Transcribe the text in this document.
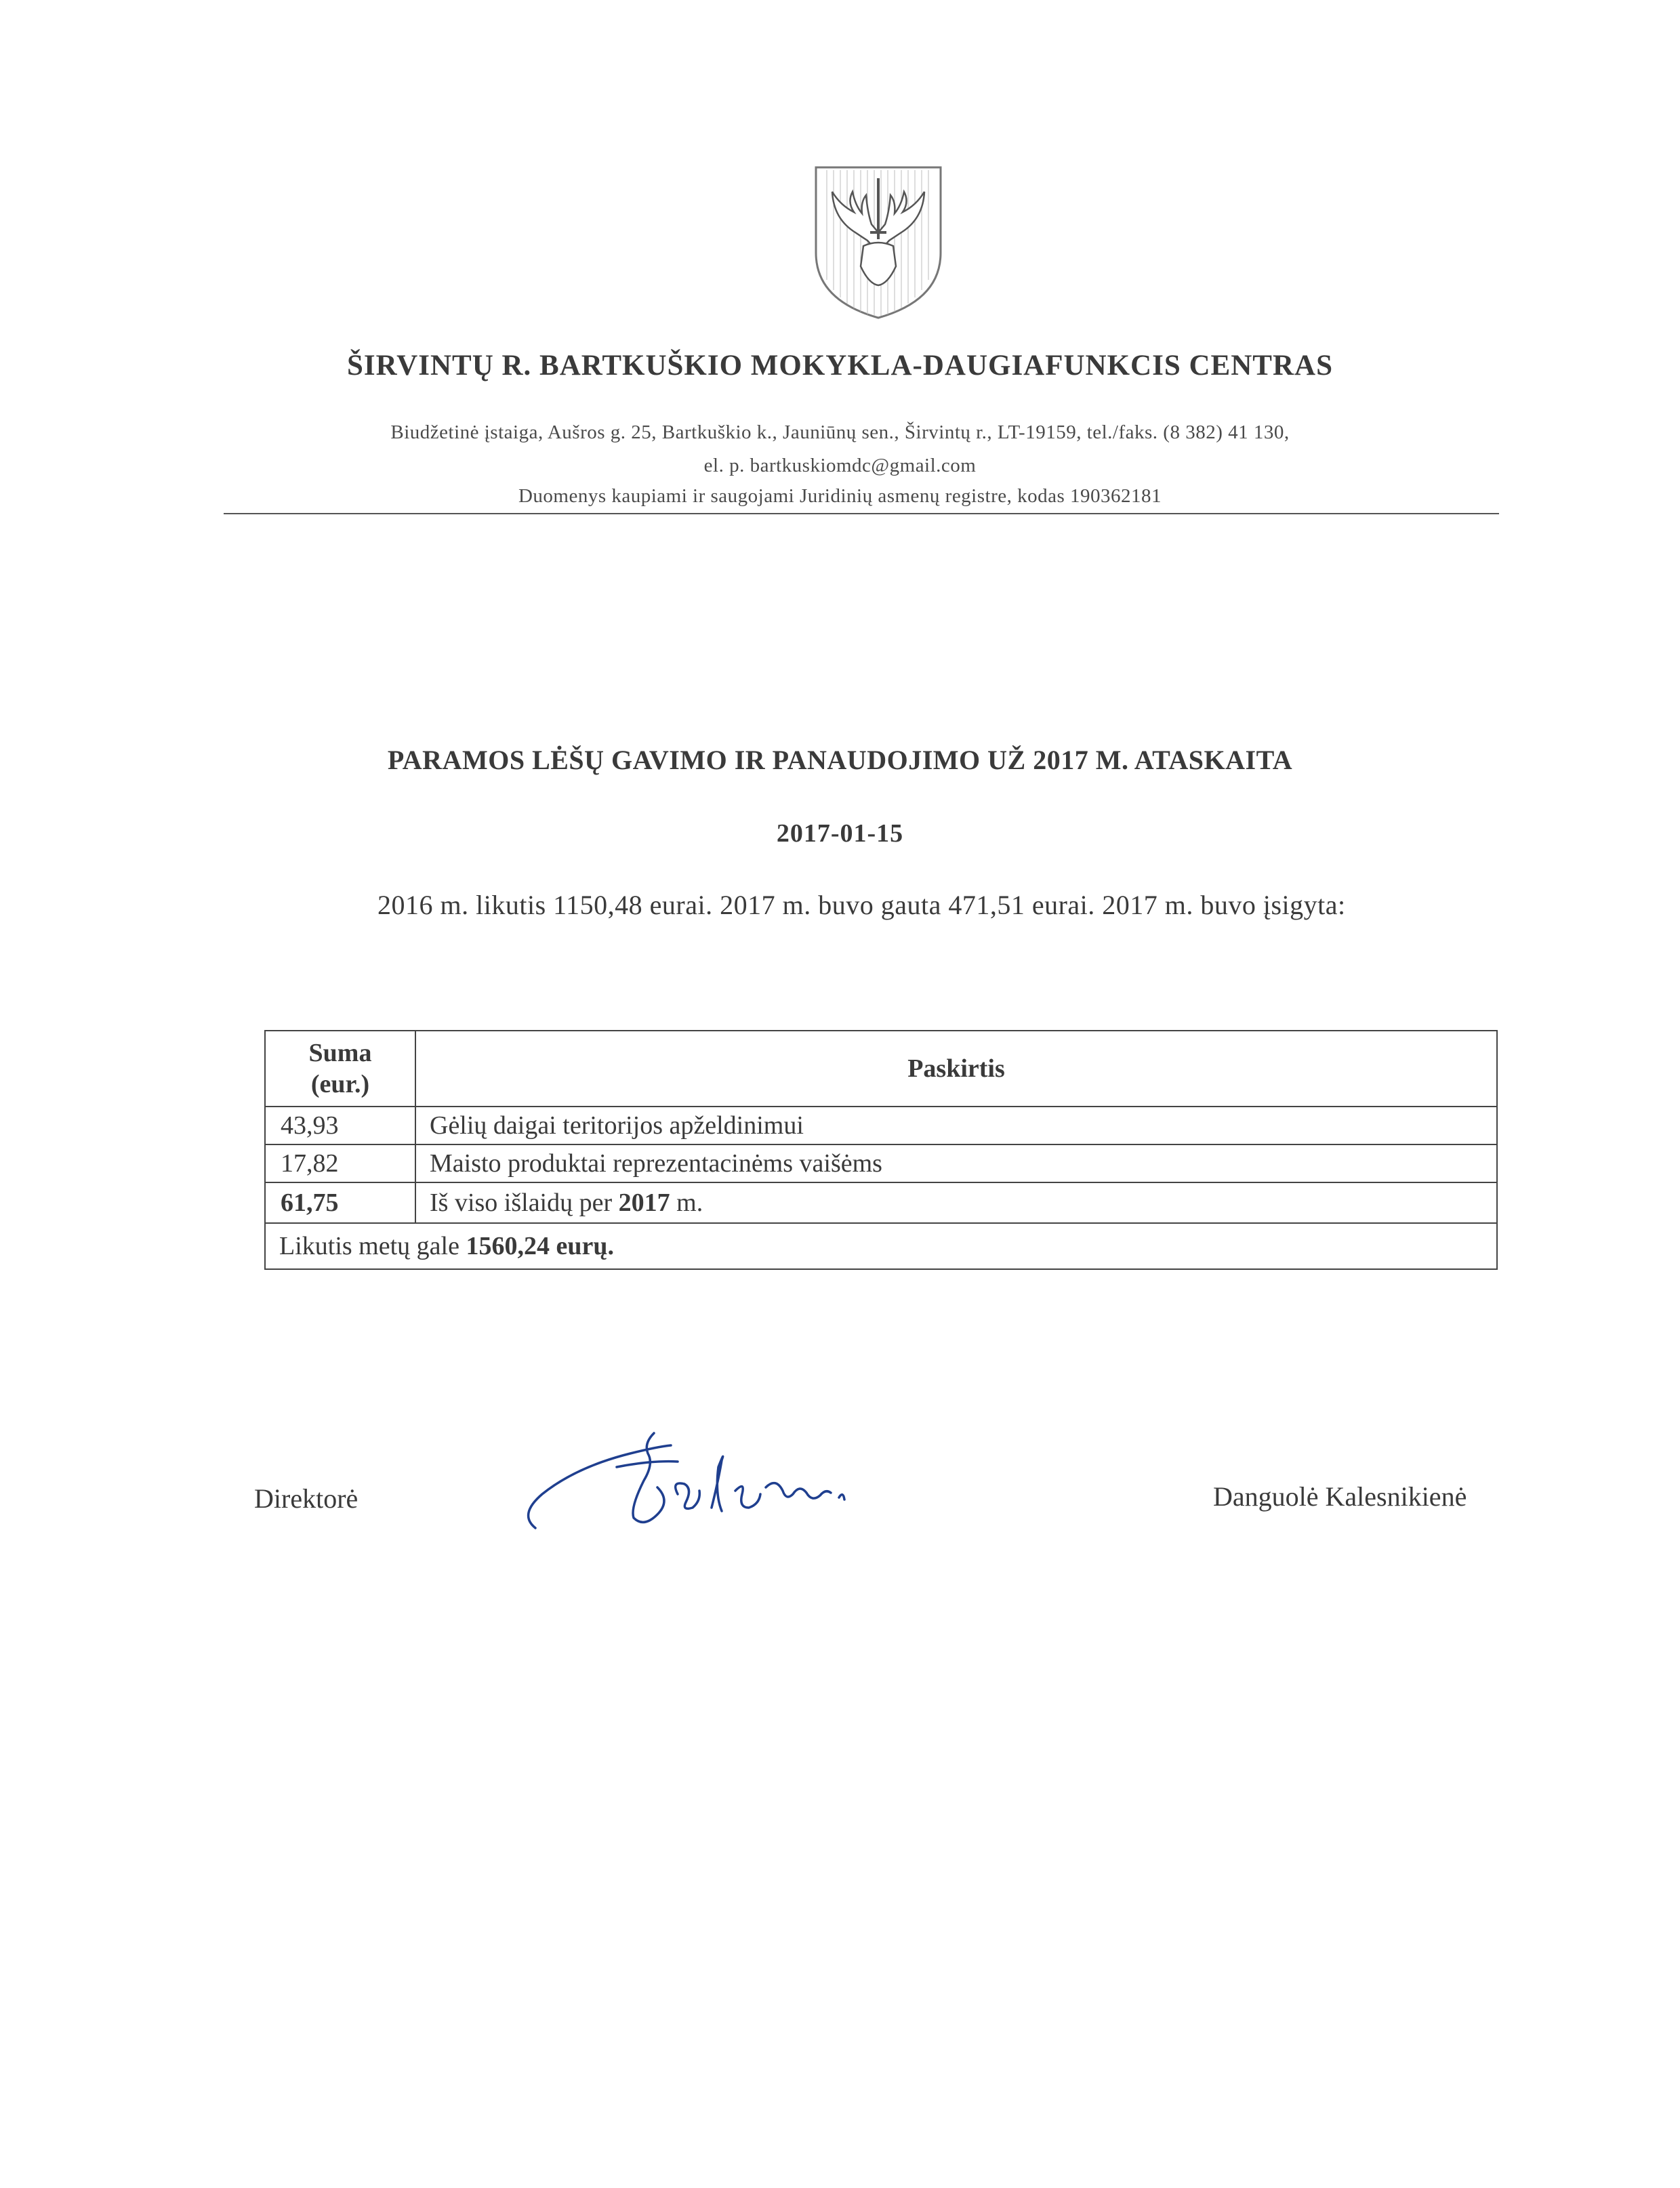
ŠIRVINTŲ R. BARTKUŠKIO MOKYKLA-DAUGIAFUNKCIS CENTRAS
Biudžetinė įstaiga, Aušros g. 25, Bartkuškio k., Jauniūnų sen., Širvintų r., LT-19159, tel./faks. (8 382) 41 130,
el. p. bartkuskiomdc@gmail.com
Duomenys kaupiami ir saugojami Juridinių asmenų registre, kodas 190362181
PARAMOS LĖŠŲ GAVIMO IR PANAUDOJIMO UŽ 2017 M. ATASKAITA
2017-01-15
2016 m. likutis 1150,48 eurai. 2017 m. buvo gauta 471,51 eurai. 2017 m. buvo įsigyta:
Suma
(eur.)	Paskirtis
43,93	Gėlių daigai teritorijos apželdinimui
17,82	Maisto produktai reprezentacinėms vaišėms
61,75	Iš viso išlaidų per 2017 m.
Likutis metų gale 1560,24 eurų.	
Direktorė	Danguolė Kalesnikienė
